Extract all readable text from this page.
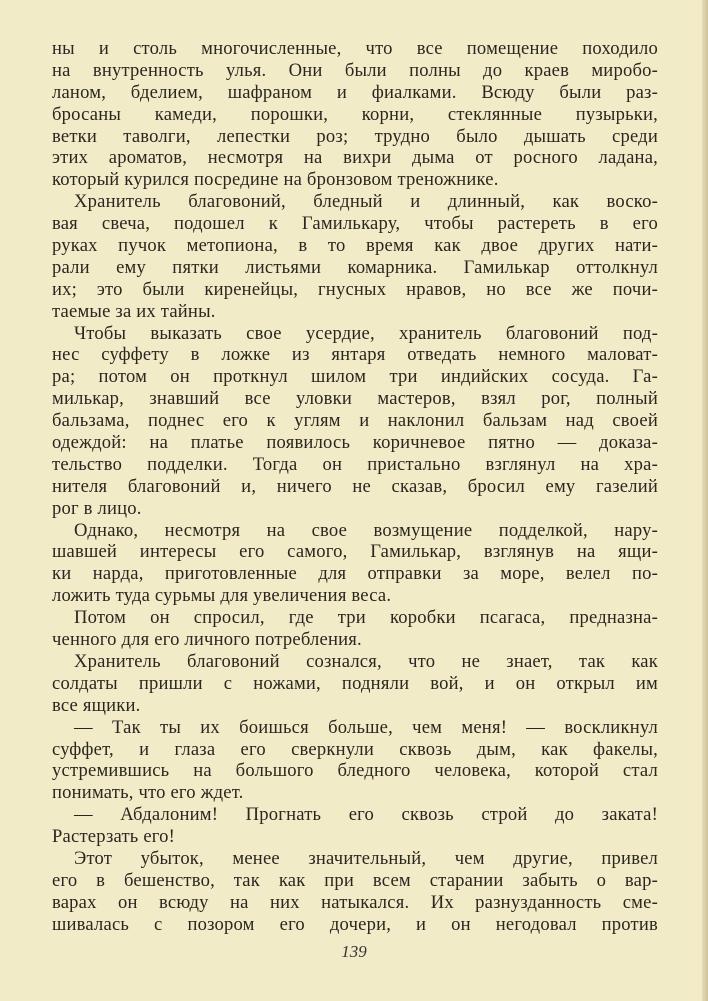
ны и столь многочисленные, что все помещение походило
на внутренность улья. Они были полны до краев миробо-
ланом, бделием, шафраном и фиалками. Всюду были раз-
бросаны камеди, порошки, корни, стеклянные пузырьки,
ветки таволги, лепестки роз; трудно было дышать среди
этих ароматов, несмотря на вихри дыма от росного ладана,
который курился посредине на бронзовом треножнике.
Хранитель благовоний, бледный и длинный, как воско-
вая свеча, подошел к Гамилькару, чтобы растереть в его
руках пучок метопиона, в то время как двое других нати-
рали ему пятки листьями комарника. Гамилькар оттолкнул
их; это были киренейцы, гнусных нравов, но все же почи-
таемые за их тайны.
Чтобы выказать свое усердие, хранитель благовоний под-
нес суффету в ложке из янтаря отведать немного маловат-
ра; потом он проткнул шилом три индийских сосуда. Га-
милькар, знавший все уловки мастеров, взял рог, полный
бальзама, поднес его к углям и наклонил бальзам над своей
одеждой: на платье появилось коричневое пятно — доказа-
тельство подделки. Тогда он пристально взглянул на хра-
нителя благовоний и, ничего не сказав, бросил ему газелий
рог в лицо.
Однако, несмотря на свое возмущение подделкой, нару-
шавшей интересы его самого, Гамилькар, взглянув на ящи-
ки нарда, приготовленные для отправки за море, велел по-
ложить туда сурьмы для увеличения веса.
Потом он спросил, где три коробки псагаса, предназна-
ченного для его личного потребления.
Хранитель благовоний сознался, что не знает, так как
солдаты пришли с ножами, подняли вой, и он открыл им
все ящики.
— Так ты их боишься больше, чем меня! — воскликнул
суффет, и глаза его сверкнули сквозь дым, как факелы,
устремившись на большого бледного человека, которой стал
понимать, что его ждет.
— Абдалоним! Прогнать его сквозь строй до заката!
Растерзать его!
Этот убыток, менее значительный, чем другие, привел
его в бешенство, так как при всем старании забыть о вар-
варах он всюду на них натыкался. Их разнузданность сме-
шивалась с позором его дочери, и он негодовал против
139
